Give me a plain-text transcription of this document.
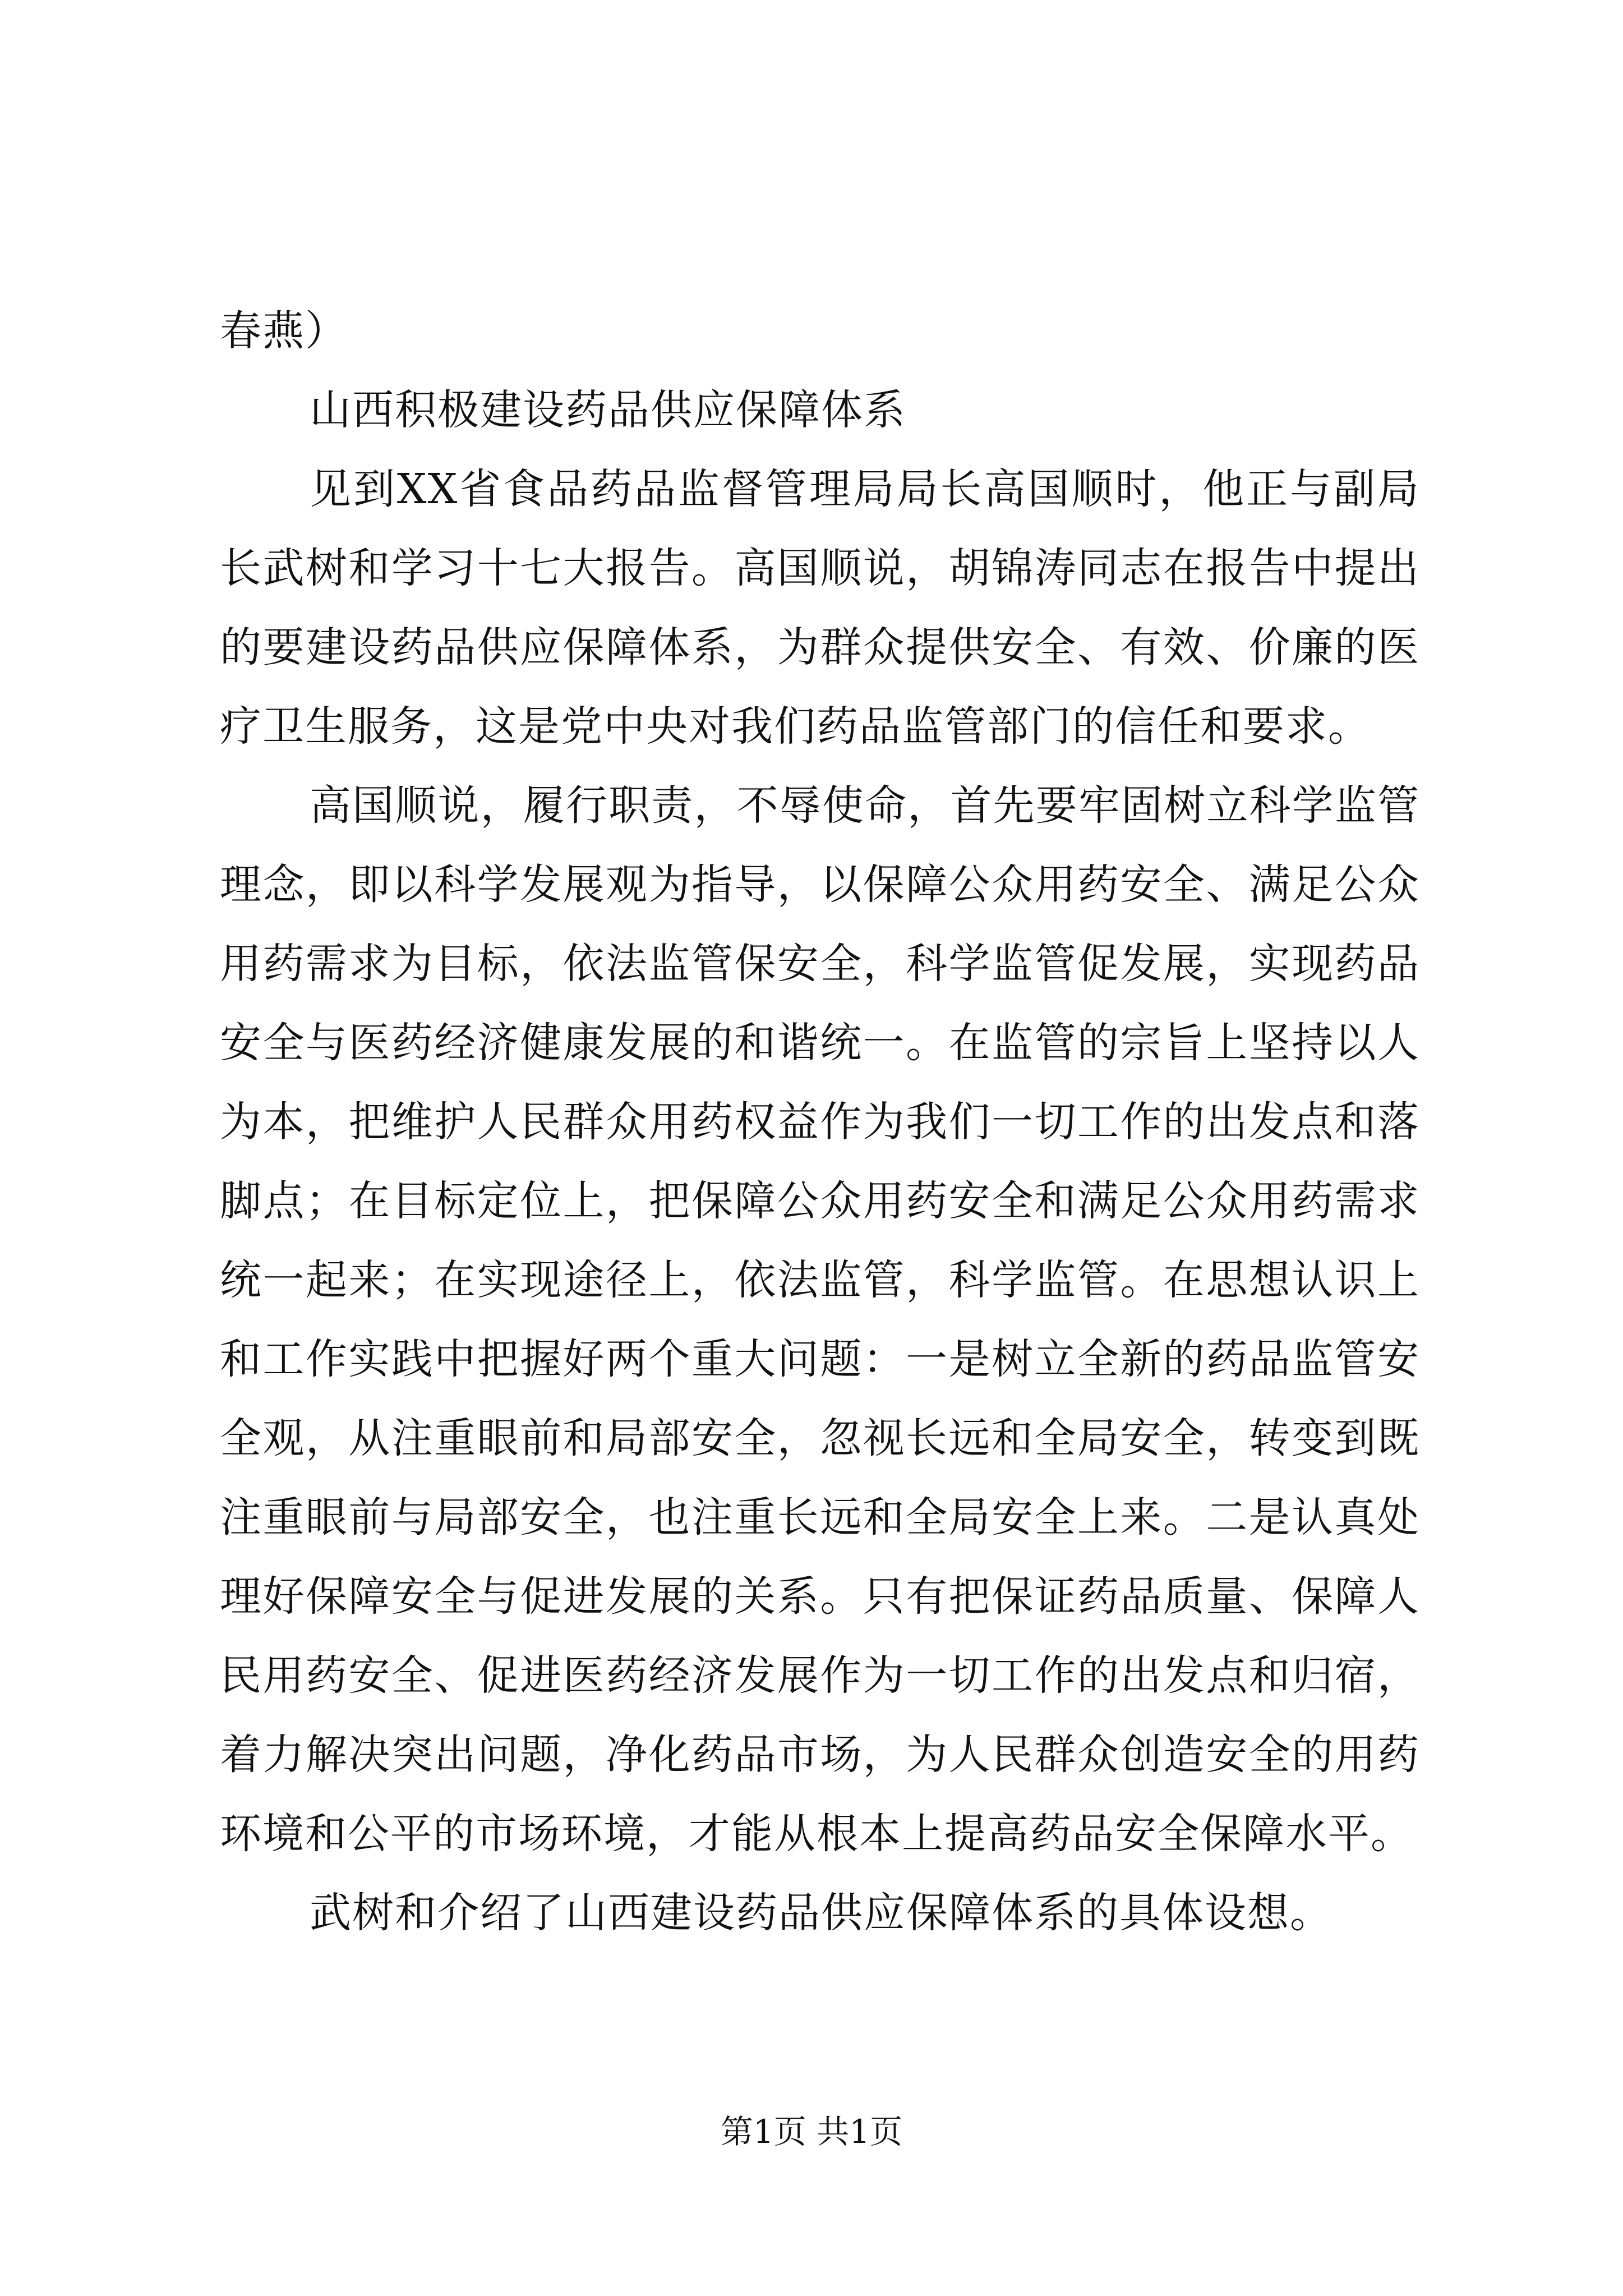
春燕）

山西积极建设药品供应保障体系

见到XX省食品药品监督管理局局长高国顺时，他正与副局长武树和学习十七大报告。高国顺说，胡锦涛同志在报告中提出的要建设药品供应保障体系，为群众提供安全、有效、价廉的医疗卫生服务，这是党中央对我们药品监管部门的信任和要求。

高国顺说，履行职责，不辱使命，首先要牢固树立科学监管理念，即以科学发展观为指导，以保障公众用药安全、满足公众用药需求为目标，依法监管保安全，科学监管促发展，实现药品安全与医药经济健康发展的和谐统一。在监管的宗旨上坚持以人为本，把维护人民群众用药权益作为我们一切工作的出发点和落脚点；在目标定位上，把保障公众用药安全和满足公众用药需求统一起来；在实现途径上，依法监管，科学监管。在思想认识上和工作实践中把握好两个重大问题：一是树立全新的药品监管安全观，从注重眼前和局部安全，忽视长远和全局安全，转变到既注重眼前与局部安全，也注重长远和全局安全上来。二是认真处理好保障安全与促进发展的关系。只有把保证药品质量、保障人民用药安全、促进医药经济发展作为一切工作的出发点和归宿，着力解决突出问题，净化药品市场，为人民群众创造安全的用药环境和公平的市场环境，才能从根本上提高药品安全保障水平。

武树和介绍了山西建设药品供应保障体系的具体设想。

第1页 共1页
